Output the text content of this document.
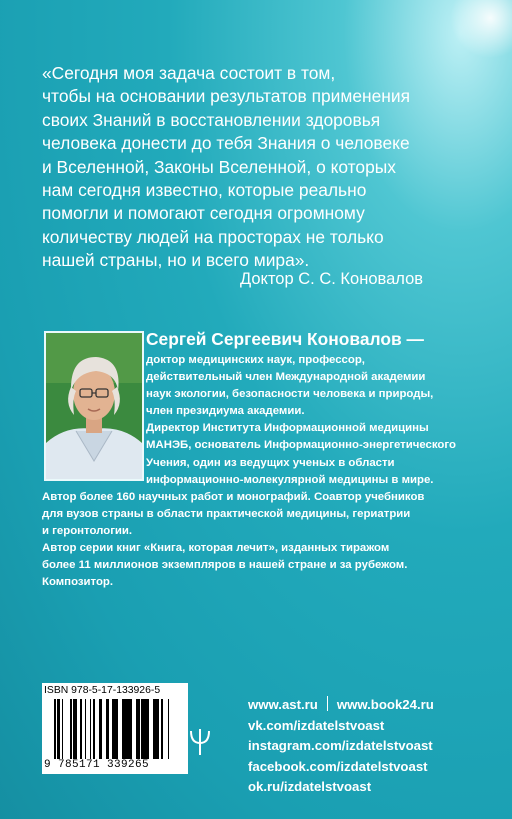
«Сегодня моя задача состоит в том,
чтобы на основании результатов применения
своих Знаний в восстановлении здоровья
человека донести до тебя Знания о человеке
и Вселенной, Законы Вселенной, о которых
нам сегодня известно, которые реально
помогли и помогают сегодня огромному
количеству людей на просторах не только
нашей страны, но и всего мира».
Доктор С. С. Коновалов
Сергей Сергеевич Коновалов —
доктор медицинских наук, профессор,
действительный член Международной академии
наук экологии, безопасности человека и природы,
член президиума академии.
Директор Института Информационной медицины
МАНЭБ, основатель Информационно-энергетического
Учения, один из ведущих ученых в области
информационно-молекулярной медицины в мире.
Автор более 160 научных работ и монографий. Соавтор учебников
для вузов страны в области практической медицины, гериатрии
и геронтологии.
Автор серии книг «Книга, которая лечит», изданных тиражом
более 11 миллионов экземпляров в нашей стране и за рубежом.
Композитор.
ISBN 978-5-17-133926-5
9 785171 339265
www.ast.ru www.book24.ru
vk.com/izdatelstvoast
instagram.com/izdatelstvoast
facebook.com/izdatelstvoast
ok.ru/izdatelstvoast
